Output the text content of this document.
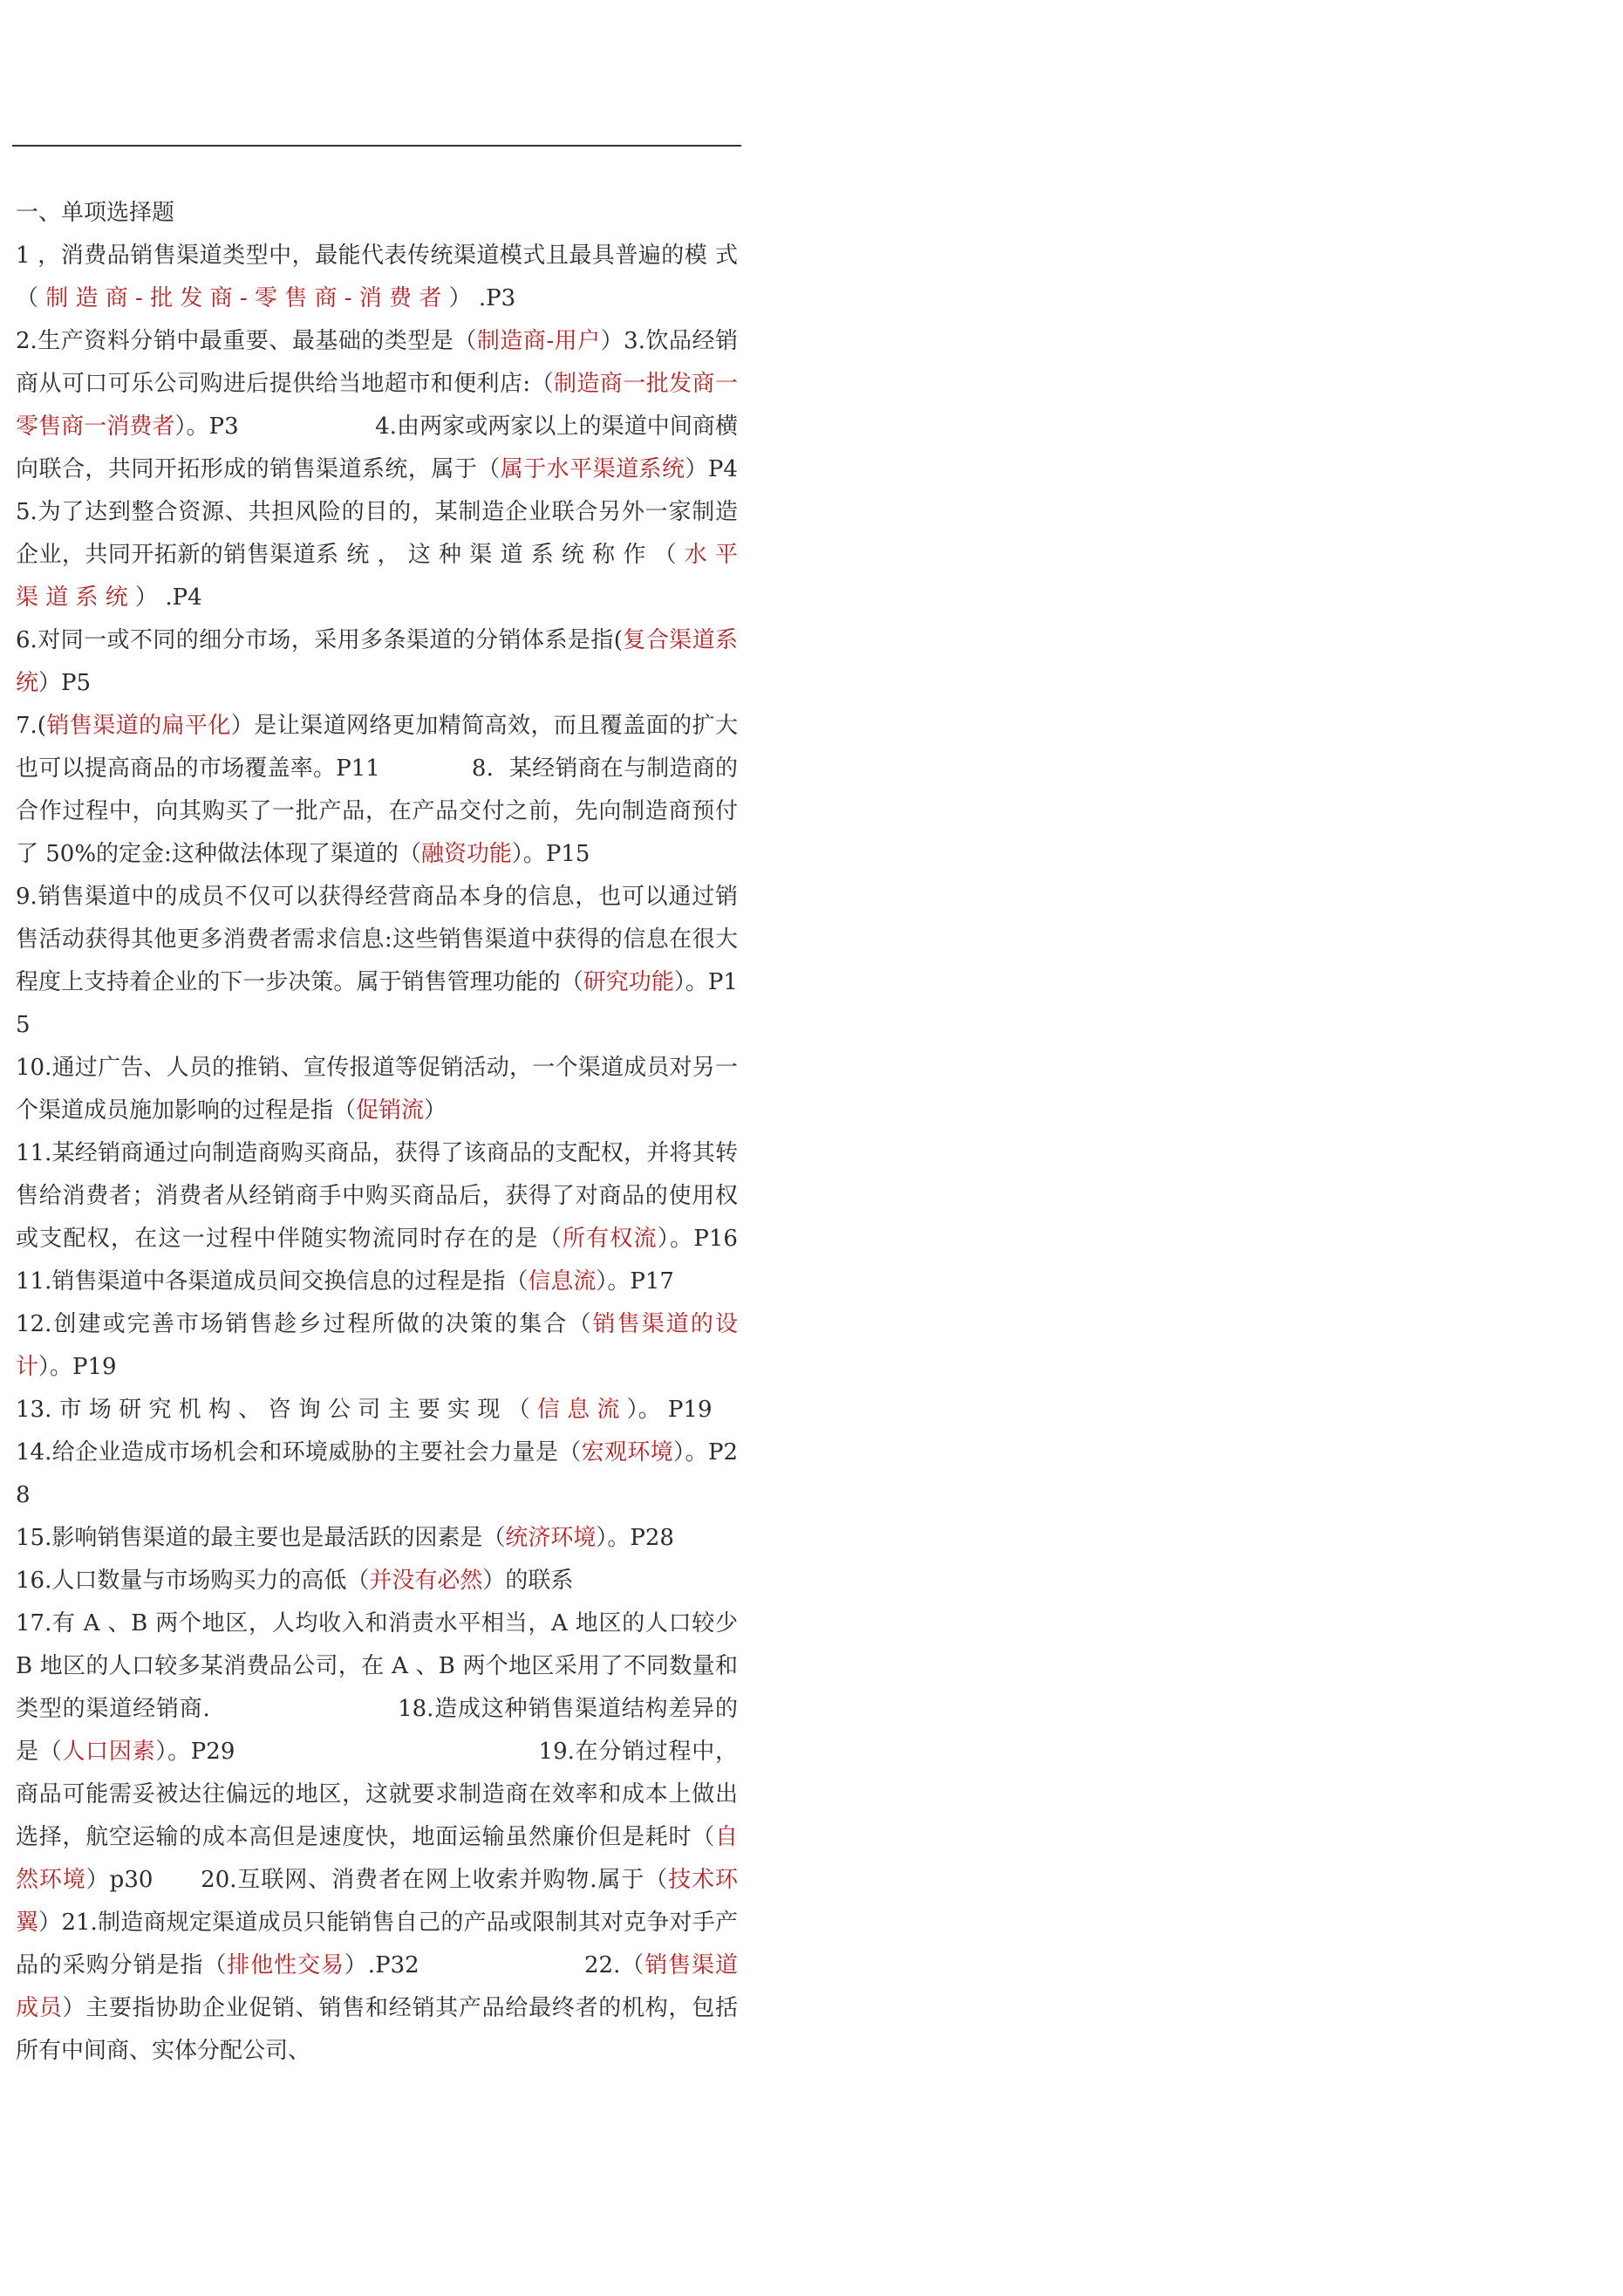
一、单项选择题

1 ，消费品销售渠道类型中，最能代表传统渠道模式且最具普遍的模 式 （ 制 造 商 - 批 发 商 - 零 售 商 - 消 费 者 ） .P3

2.生产资料分销中最重要、最基础的类型是（制造商-用户）3.饮品经销商从可口可乐公司购进后提供给当地超市和便利店:（制造商一批发商一零售商一消费者）。P3　　　　　　4.由两家或两家以上的渠道中间商横向联合，共同开拓形成的销售渠道系统，属于（属于水平渠道系统）P4　　　　　　　5.为了达到整合资源、共担风险的目的，某制造企业联合另外一家制造企业，共同开拓新的销售渠道系 统 ， 这 种 渠 道 系 统 称 作 （ 水 平 渠 道 系 统 ） .P4

6.对同一或不同的细分市场，采用多条渠道的分销体系是指(复合渠道系统）P5

7.(销售渠道的扁平化）是让渠道网络更加精简高效，而且覆盖面的扩大也可以提高商品的市场覆盖率。P11　　　　8．某经销商在与制造商的合作过程中，向其购买了一批产品，在产品交付之前，先向制造商预付了 50%的定金:这种做法体现了渠道的（融资功能）。P15

9.销售渠道中的成员不仅可以获得经营商品本身的信息，也可以通过销售活动获得其他更多消费者需求信息:这些销售渠道中获得的信息在很大程度上支持着企业的下一步决策。属于销售管理功能的（研究功能）。P15

10.通过广告、人员的推销、宣传报道等促销活动，一个渠道成员对另一个渠道成员施加影响的过程是指（促销流）

11.某经销商通过向制造商购买商品，获得了该商品的支配权，并将其转售给消费者；消费者从经销商手中购买商品后，获得了对商品的使用权或支配权，在这一过程中伴随实物流同时存在的是（所有权流）。P16　　　　　　　　11.销售渠道中各渠道成员间交换信息的过程是指（信息流）。P17

12.创建或完善市场销售趁乡过程所做的决策的集合（销售渠道的设计）。P19

13. 市 场 研 究 机 构 、 咨 询 公 司 主 要 实 现 （ 信 息 流 ）。 P19

14.给企业造成市场机会和环境威胁的主要社会力量是（宏观环境）。P28

15.影响销售渠道的最主要也是最活跃的因素是（统济环境）。P28

16.人口数量与市场购买力的高低（并没有必然）的联系

17.有 A 、B 两个地区，人均收入和消责水平相当，A 地区的人口较少 B 地区的人口较多某消费品公司，在 A 、B 两个地区采用了不同数量和类型的渠道经销商.　　　　　　　　18.造成这种销售渠道结构差异的是（人口因素）。P29　　　　　　　　　　　　　19.在分销过程中，商品可能需妥被达往偏远的地区，这就要求制造商在效率和成本上做出选择，航空运输的成本高但是速度快，地面运输虽然廉价但是耗时（自然环境）p30　　20.互联网、消费者在网上收索并购物.属于（技术环翼）21.制造商规定渠道成员只能销售自己的产品或限制其对克争对手产品的采购分销是指（排他性交易）.P32　　　　　　　22.（销售渠道成员）主要指协助企业促销、销售和经销其产品给最终者的机构，包括所有中间商、实体分配公司、
